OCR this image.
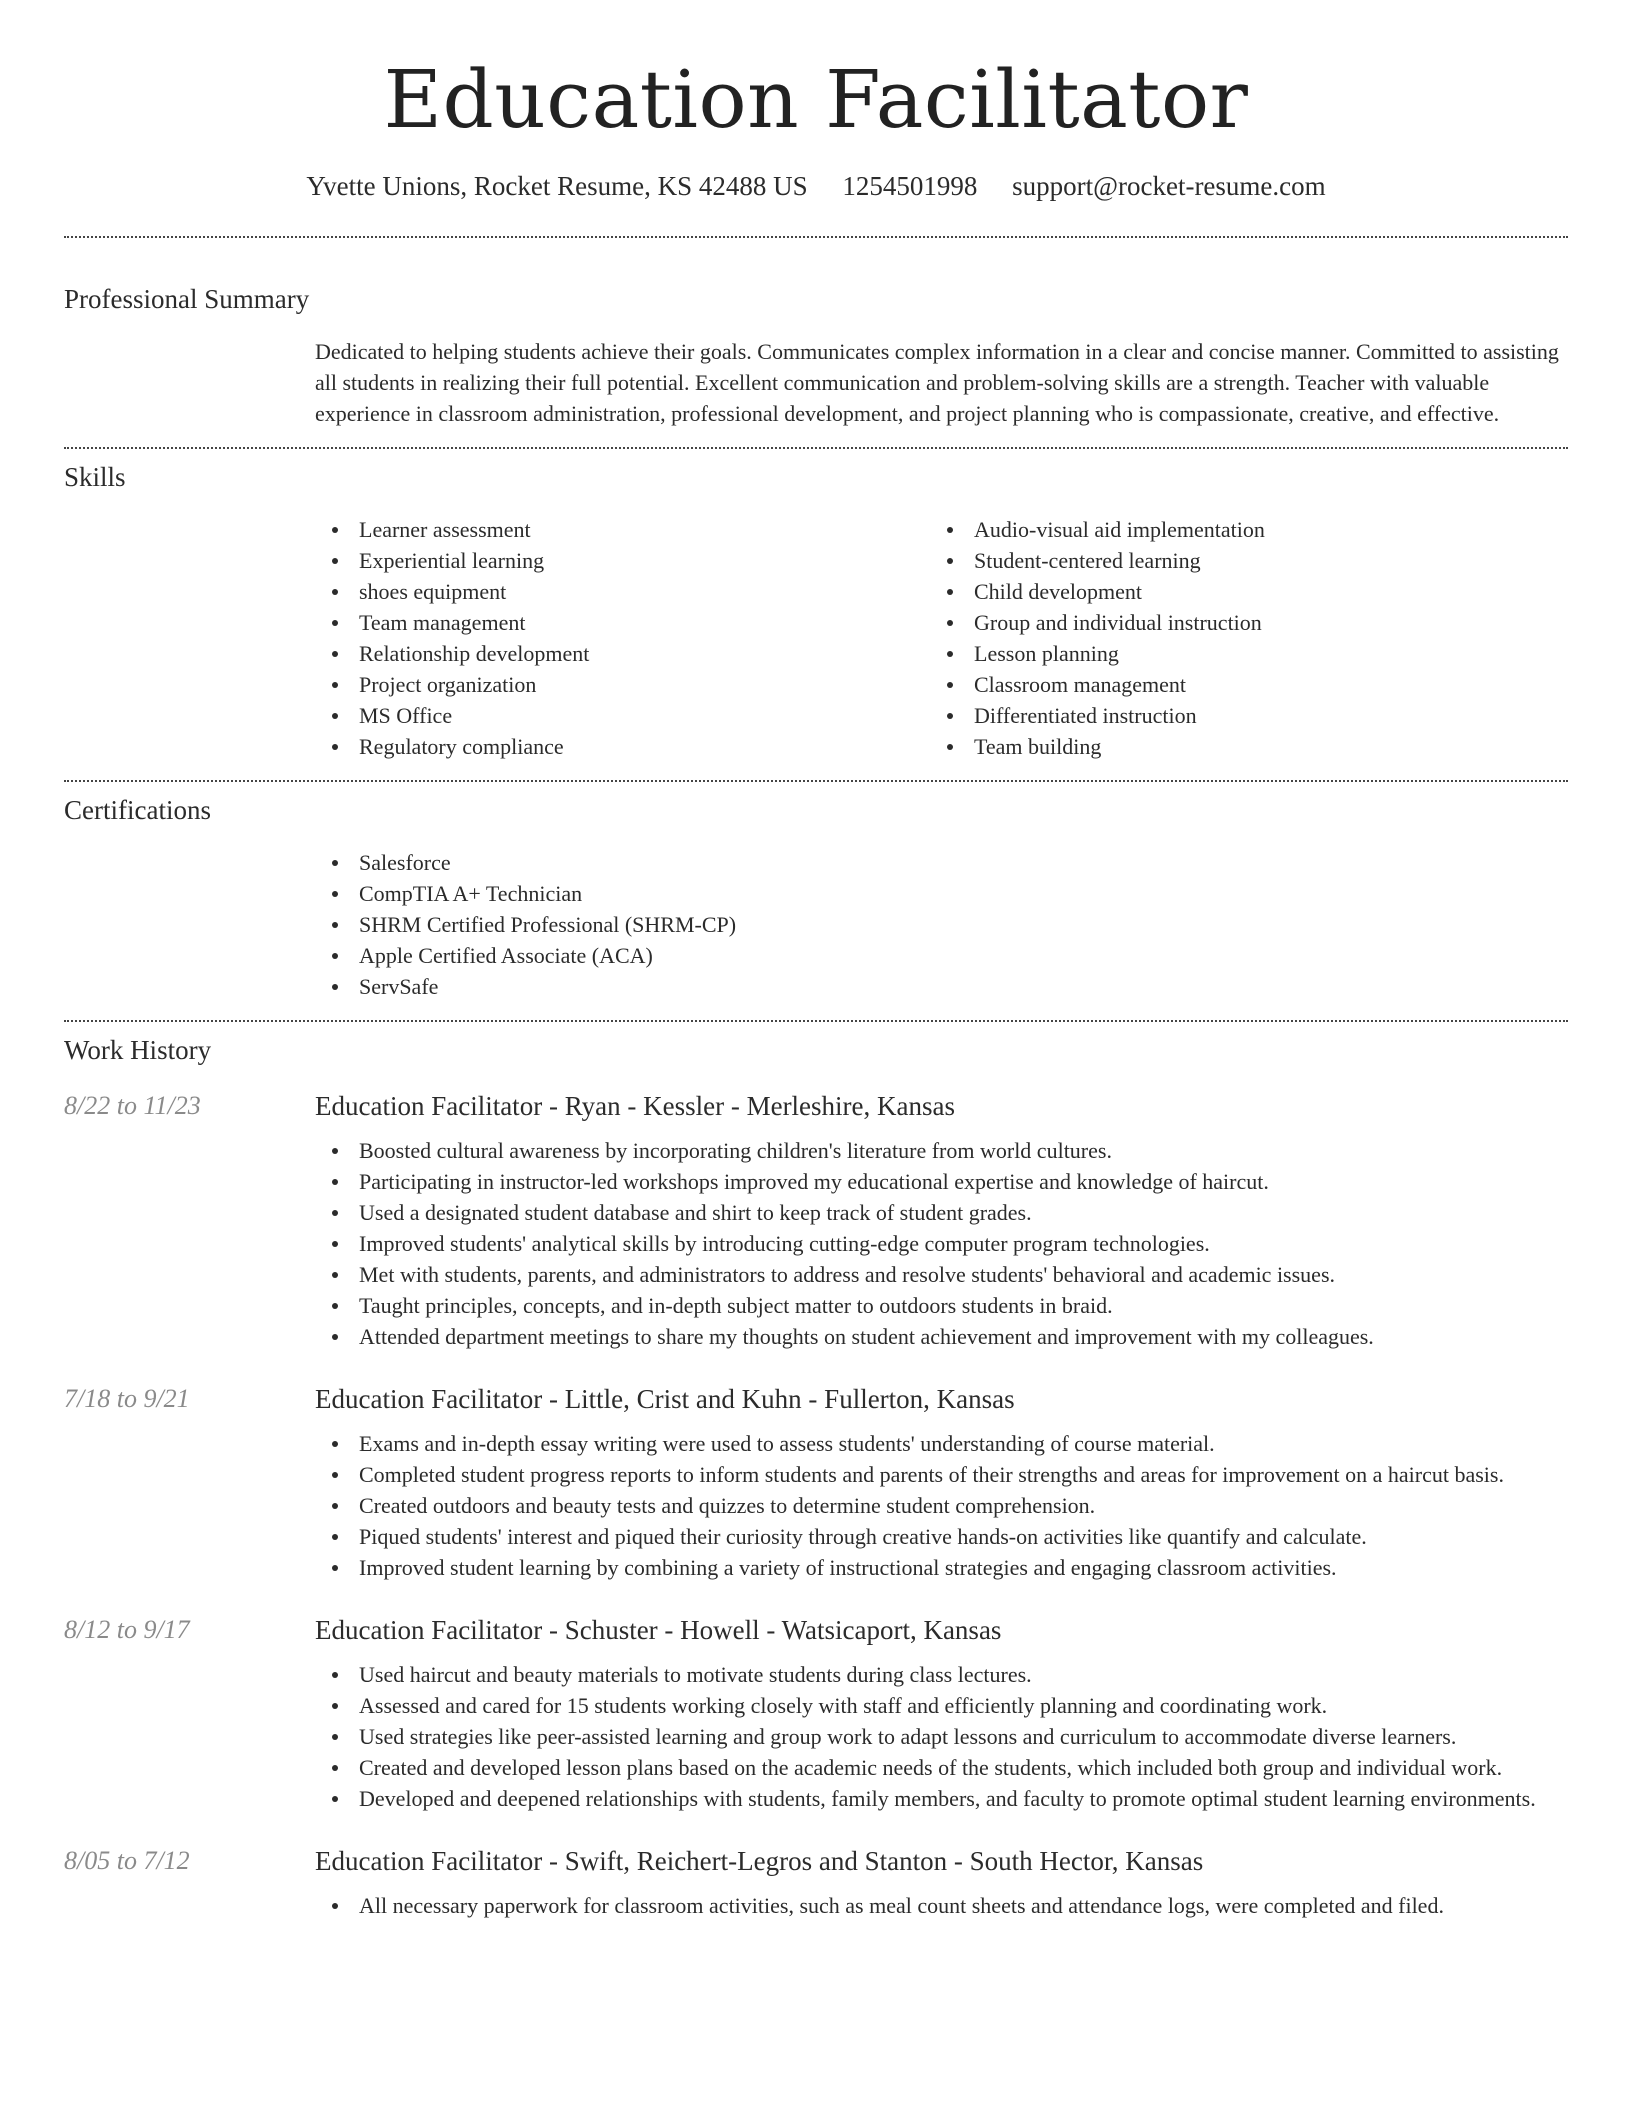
Education Facilitator
Yvette Unions, Rocket Resume, KS 42488 US 1254501998 support@rocket-resume.com
Professional Summary

Dedicated to helping students achieve their goals. Communicates complex information in a clear and concise manner. Committed to assisting all students in realizing their full potential. Excellent communication and problem-solving skills are a strength. Teacher with valuable experience in classroom administration, professional development, and project planning who is compassionate, creative, and effective.

Skills
Learner assessment
Experiential learning
shoes equipment
Team management
Relationship development
Project organization
MS Office
Regulatory compliance
Audio-visual aid implementation
Student-centered learning
Child development
Group and individual instruction
Lesson planning
Classroom management
Differentiated instruction
Team building
Certifications
Salesforce
CompTIA A+ Technician
SHRM Certified Professional (SHRM-CP)
Apple Certified Associate (ACA)
ServSafe
Work History
8/22 to 11/23	Education Facilitator - Ryan - Kessler - Merleshire, Kansas
Boosted cultural awareness by incorporating children's literature from world cultures.
Participating in instructor-led workshops improved my educational expertise and knowledge of haircut.
Used a designated student database and shirt to keep track of student grades.
Improved students' analytical skills by introducing cutting-edge computer program technologies.
Met with students, parents, and administrators to address and resolve students' behavioral and academic issues.
Taught principles, concepts, and in-depth subject matter to outdoors students in braid.
Attended department meetings to share my thoughts on student achievement and improvement with my colleagues.
7/18 to 9/21	Education Facilitator - Little, Crist and Kuhn - Fullerton, Kansas
Exams and in-depth essay writing were used to assess students' understanding of course material.
Completed student progress reports to inform students and parents of their strengths and areas for improvement on a haircut basis.
Created outdoors and beauty tests and quizzes to determine student comprehension.
Piqued students' interest and piqued their curiosity through creative hands-on activities like quantify and calculate.
Improved student learning by combining a variety of instructional strategies and engaging classroom activities.
8/12 to 9/17	Education Facilitator - Schuster - Howell - Watsicaport, Kansas
Used haircut and beauty materials to motivate students during class lectures.
Assessed and cared for 15 students working closely with staff and efficiently planning and coordinating work.
Used strategies like peer-assisted learning and group work to adapt lessons and curriculum to accommodate diverse learners.
Created and developed lesson plans based on the academic needs of the students, which included both group and individual work.
Developed and deepened relationships with students, family members, and faculty to promote optimal student learning environments.
8/05 to 7/12	Education Facilitator - Swift, Reichert-Legros and Stanton - South Hector, Kansas
All necessary paperwork for classroom activities, such as meal count sheets and attendance logs, were completed and filed.
